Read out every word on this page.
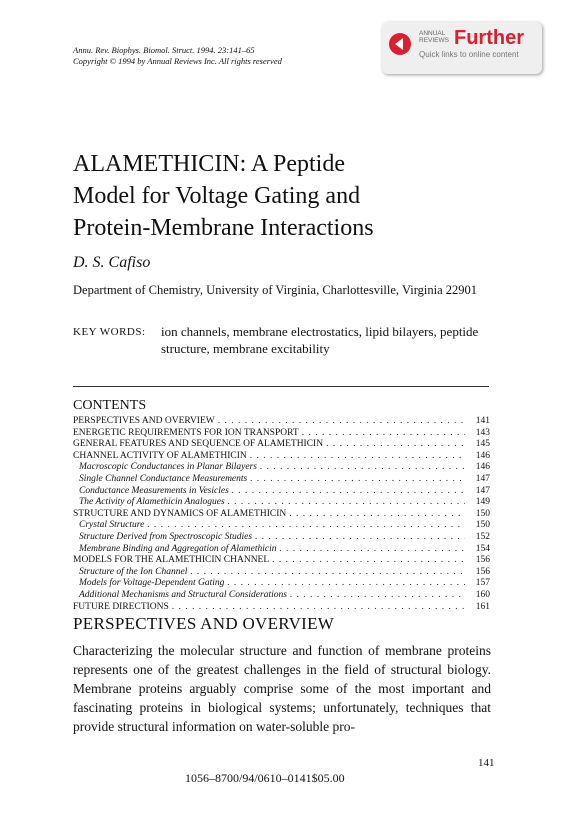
Annu. Rev. Biophys. Biomol. Struct. 1994. 23:141–65
Copyright © 1994 by Annual Reviews Inc. All rights reserved
ANNUAL
REVIEWS Further
Quick links to online content
ALAMETHICIN: A Peptide
Model for Voltage Gating and
Protein-Membrane Interactions
D. S. Cafiso
Department of Chemistry, University of Virginia, Charlottesville, Virginia 22901
KEY WORDS: ion channels, membrane electrostatics, lipid bilayers, peptide structure, membrane excitability
CONTENTS
PERSPECTIVES AND OVERVIEW . . .	141
ENERGETIC REQUIREMENTS FOR ION TRANSPORT . . .	143
GENERAL FEATURES AND SEQUENCE OF ALAMETHICIN . . .	145
CHANNEL ACTIVITY OF ALAMETHICIN . . .	146
Macroscopic Conductances in Planar Bilayers . . .	146
Single Channel Conductance Measurements . . .	147
Conductance Measurements in Vesicles . . .	147
The Activity of Alamethicin Analogues . . .	149
STRUCTURE AND DYNAMICS OF ALAMETHICIN . . .	150
Crystal Structure . . .	150
Structure Derived from Spectroscopic Studies . . .	152
Membrane Binding and Aggregation of Alamethicin . . .	154
MODELS FOR THE ALAMETHICIN CHANNEL . . .	156
Structure of the Ion Channel . . .	156
Models for Voltage-Dependent Gating . . .	157
Additional Mechanisms and Structural Considerations . . .	160
FUTURE DIRECTIONS . . .	161
PERSPECTIVES AND OVERVIEW
Characterizing the molecular structure and function of membrane proteins represents one of the greatest challenges in the field of structural biology. Membrane proteins arguably comprise some of the most important and fascinating proteins in biological systems; unfortunately, techniques that provide structural information on water-soluble pro-
141
1056–8700/94/0610–0141$05.00
